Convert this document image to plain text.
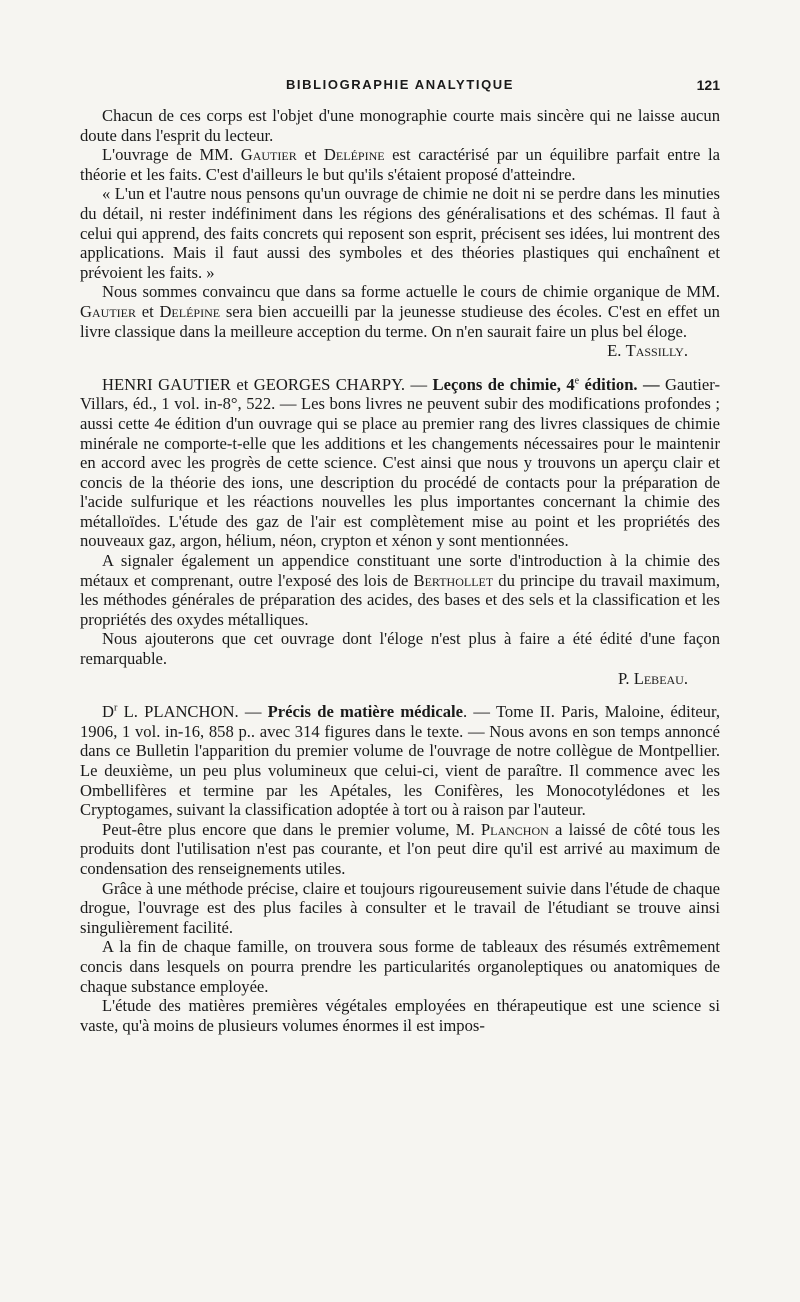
BIBLIOGRAPHIE ANALYTIQUE	121

Chacun de ces corps est l'objet d'une monographie courte mais sincère qui ne laisse aucun doute dans l'esprit du lecteur.

L'ouvrage de MM. Gautier et Delépine est caractérisé par un équilibre parfait entre la théorie et les faits. C'est d'ailleurs le but qu'ils s'étaient proposé d'atteindre.

« L'un et l'autre nous pensons qu'un ouvrage de chimie ne doit ni se perdre dans les minuties du détail, ni rester indéfiniment dans les régions des généralisations et des schémas. Il faut à celui qui apprend, des faits concrets qui reposent son esprit, précisent ses idées, lui montrent des applications. Mais il faut aussi des symboles et des théories plastiques qui enchaînent et prévoient les faits. »

Nous sommes convaincu que dans sa forme actuelle le cours de chimie organique de MM. Gautier et Delépine sera bien accueilli par la jeunesse studieuse des écoles. C'est en effet un livre classique dans la meilleure acception du terme. On n'en saurait faire un plus bel éloge.

E. Tassilly.

HENRI GAUTIER et GEORGES CHARPY. — Leçons de chimie, 4e édition. — Gautier-Villars, éd., 1 vol. in-8°, 522. — Les bons livres ne peuvent subir des modifications profondes ; aussi cette 4e édition d'un ouvrage qui se place au premier rang des livres classiques de chimie minérale ne comporte-t-elle que les additions et les changements nécessaires pour le maintenir en accord avec les progrès de cette science. C'est ainsi que nous y trouvons un aperçu clair et concis de la théorie des ions, une description du procédé de contacts pour la préparation de l'acide sulfurique et les réactions nouvelles les plus importantes concernant la chimie des métalloïdes. L'étude des gaz de l'air est complètement mise au point et les propriétés des nouveaux gaz, argon, hélium, néon, crypton et xénon y sont mentionnées.

A signaler également un appendice constituant une sorte d'introduction à la chimie des métaux et comprenant, outre l'exposé des lois de Berthollet du principe du travail maximum, les méthodes générales de préparation des acides, des bases et des sels et la classification et les propriétés des oxydes métalliques.

Nous ajouterons que cet ouvrage dont l'éloge n'est plus à faire a été édité d'une façon remarquable.

P. Lebeau.

$D^r$ L. PLANCHON. — Précis de matière médicale. — Tome II. Paris, Maloine, éditeur, 1906, 1 vol. in-16, 858 p.. avec 314 figures dans le texte. — Nous avons en son temps annoncé dans ce Bulletin l'apparition du premier volume de l'ouvrage de notre collègue de Montpellier. Le deuxième, un peu plus volumineux que celui-ci, vient de paraître. Il commence avec les Ombellifères et termine par les Apétales, les Conifères, les Monocotylédones et les Cryptogames, suivant la classification adoptée à tort ou à raison par l'auteur.

Peut-être plus encore que dans le premier volume, M. Planchon a laissé de côté tous les produits dont l'utilisation n'est pas courante, et l'on peut dire qu'il est arrivé au maximum de condensation des renseignements utiles.

Grâce à une méthode précise, claire et toujours rigoureusement suivie dans l'étude de chaque drogue, l'ouvrage est des plus faciles à consulter et le travail de l'étudiant se trouve ainsi singulièrement facilité.

A la fin de chaque famille, on trouvera sous forme de tableaux des résumés extrêmement concis dans lesquels on pourra prendre les particularités organoleptiques ou anatomiques de chaque substance employée.

L'étude des matières premières végétales employées en thérapeutique est une science si vaste, qu'à moins de plusieurs volumes énormes il est impos-
